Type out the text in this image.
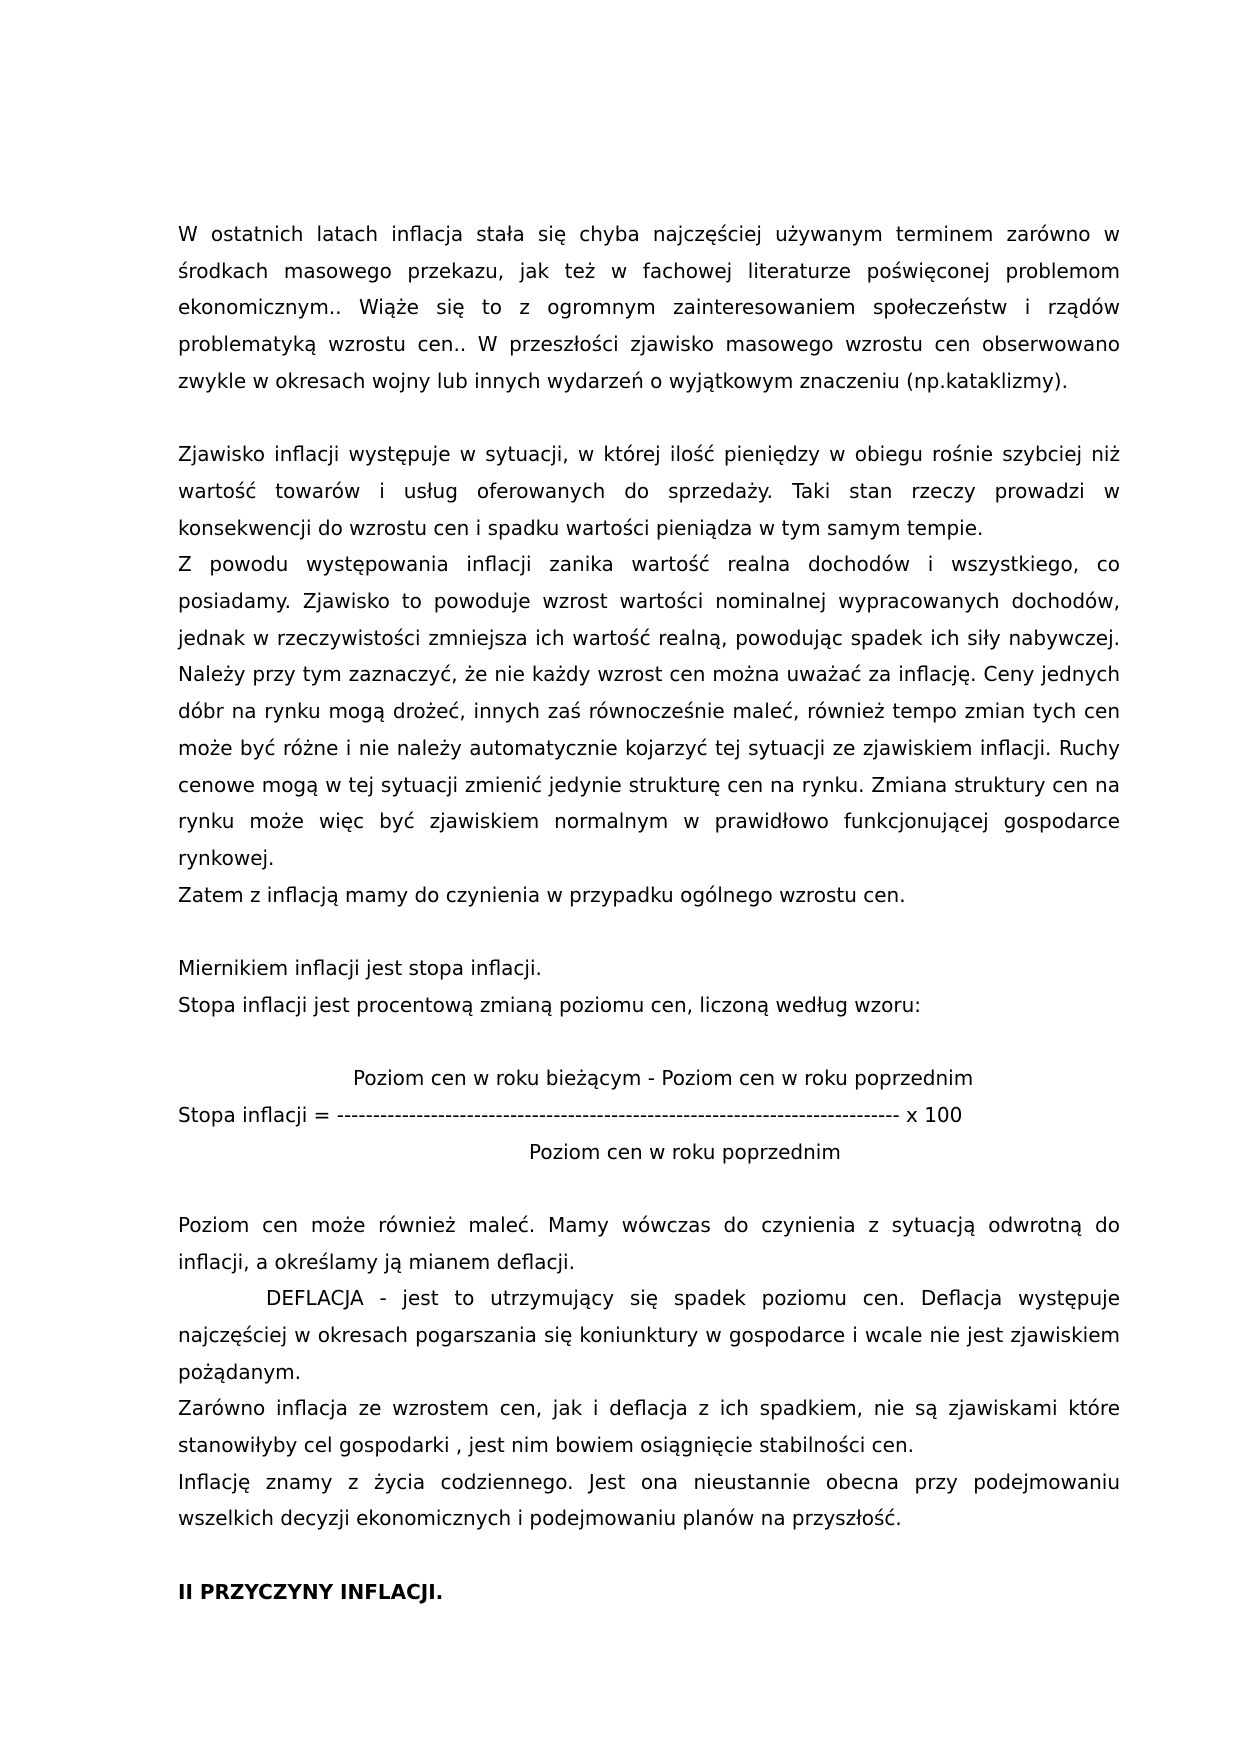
W ostatnich latach inflacja stała się chyba najczęściej używanym terminem zarówno w środkach masowego przekazu, jak też w fachowej literaturze poświęconej problemom ekonomicznym.. Wiąże się to z ogromnym zainteresowaniem społeczeństw i rządów problematyką wzrostu cen.. W przeszłości zjawisko masowego wzrostu cen obserwowano zwykle w okresach wojny lub innych wydarzeń o wyjątkowym znaczeniu (np.kataklizmy).

Zjawisko inflacji występuje w sytuacji, w której ilość pieniędzy w obiegu rośnie szybciej niż wartość towarów i usług oferowanych do sprzedaży. Taki stan rzeczy prowadzi w konsekwencji do wzrostu cen i spadku wartości pieniądza w tym samym tempie.

Z powodu występowania inflacji zanika wartość realna dochodów i wszystkiego, co posiadamy. Zjawisko to powoduje wzrost wartości nominalnej wypracowanych dochodów, jednak w rzeczywistości zmniejsza ich wartość realną, powodując spadek ich siły nabywczej. Należy przy tym zaznaczyć, że nie każdy wzrost cen można uważać za inflację. Ceny jednych dóbr na rynku mogą drożeć, innych zaś równocześnie maleć, również tempo zmian tych cen może być różne i nie należy automatycznie kojarzyć tej sytuacji ze zjawiskiem inflacji. Ruchy cenowe mogą w tej sytuacji zmienić jedynie strukturę cen na rynku. Zmiana struktury cen na rynku może więc być zjawiskiem normalnym w prawidłowo funkcjonującej gospodarce rynkowej.

Zatem z inflacją mamy do czynienia w przypadku ogólnego wzrostu cen.

Miernikiem inflacji jest stopa inflacji.

Stopa inflacji jest procentową zmianą poziomu cen, liczoną według wzoru:

Poziom cen w roku bieżącym - Poziom cen w roku poprzednim
Stopa inflacji = ------------------------------------------------------------------------------ x 100
Poziom cen w roku poprzednim

Poziom cen może również maleć. Mamy wówczas do czynienia z sytuacją odwrotną do inflacji, a określamy ją mianem deflacji.

DEFLACJA - jest to utrzymujący się spadek poziomu cen. Deflacja występuje najczęściej w okresach pogarszania się koniunktury w gospodarce i wcale nie jest zjawiskiem pożądanym.

Zarówno inflacja ze wzrostem cen, jak i deflacja z ich spadkiem, nie są zjawiskami które stanowiłyby cel gospodarki , jest nim bowiem osiągnięcie stabilności cen.

Inflację znamy z życia codziennego. Jest ona nieustannie obecna przy podejmowaniu wszelkich decyzji ekonomicznych i podejmowaniu planów na przyszłość.

II PRZYCZYNY INFLACJI.
